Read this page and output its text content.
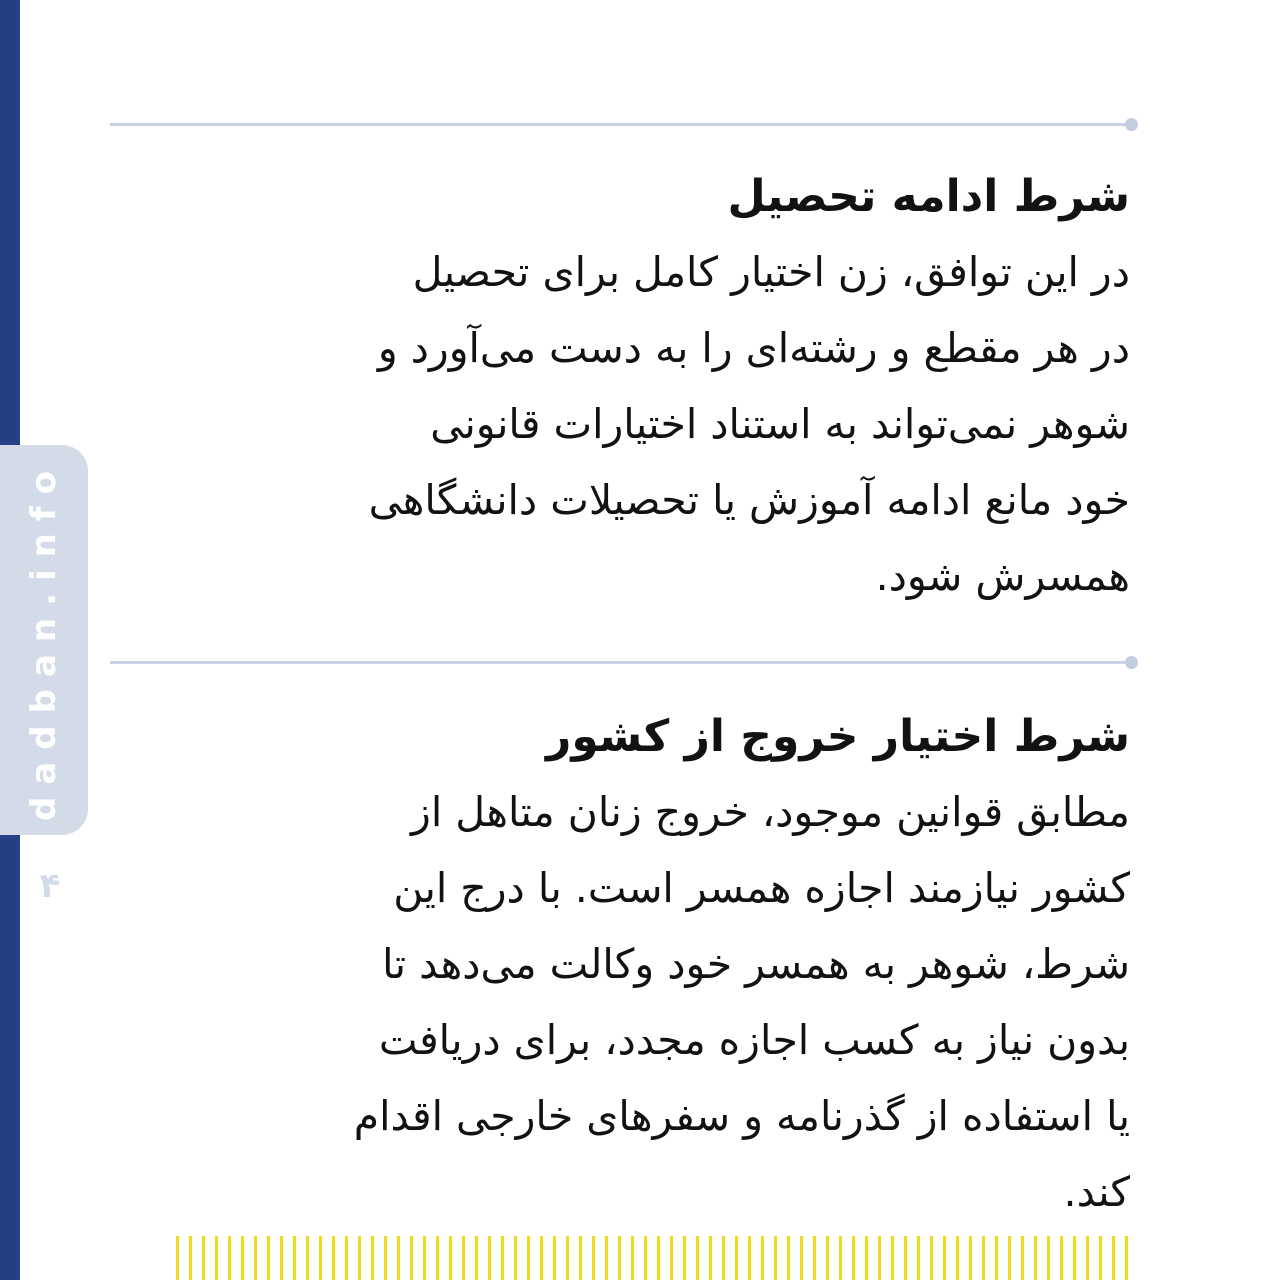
dadban.info
۴
شرط ادامه تحصیل

در این توافق، زن اختیار کامل برای تحصیل
در هر مقطع و رشته‌ای را به دست می‌آورد و
شوهر نمی‌تواند به استناد اختیارات قانونی
خود مانع ادامه آموزش یا تحصیلات دانشگاهی
همسرش شود.

شرط اختیار خروج از کشور

مطابق قوانین موجود، خروج زنان متاهل از
کشور نیازمند اجازه همسر است. با درج این
شرط، شوهر به همسر خود وکالت می‌دهد تا
بدون نیاز به کسب اجازه مجدد، برای دریافت
یا استفاده از گذرنامه و سفرهای خارجی اقدام
کند.
